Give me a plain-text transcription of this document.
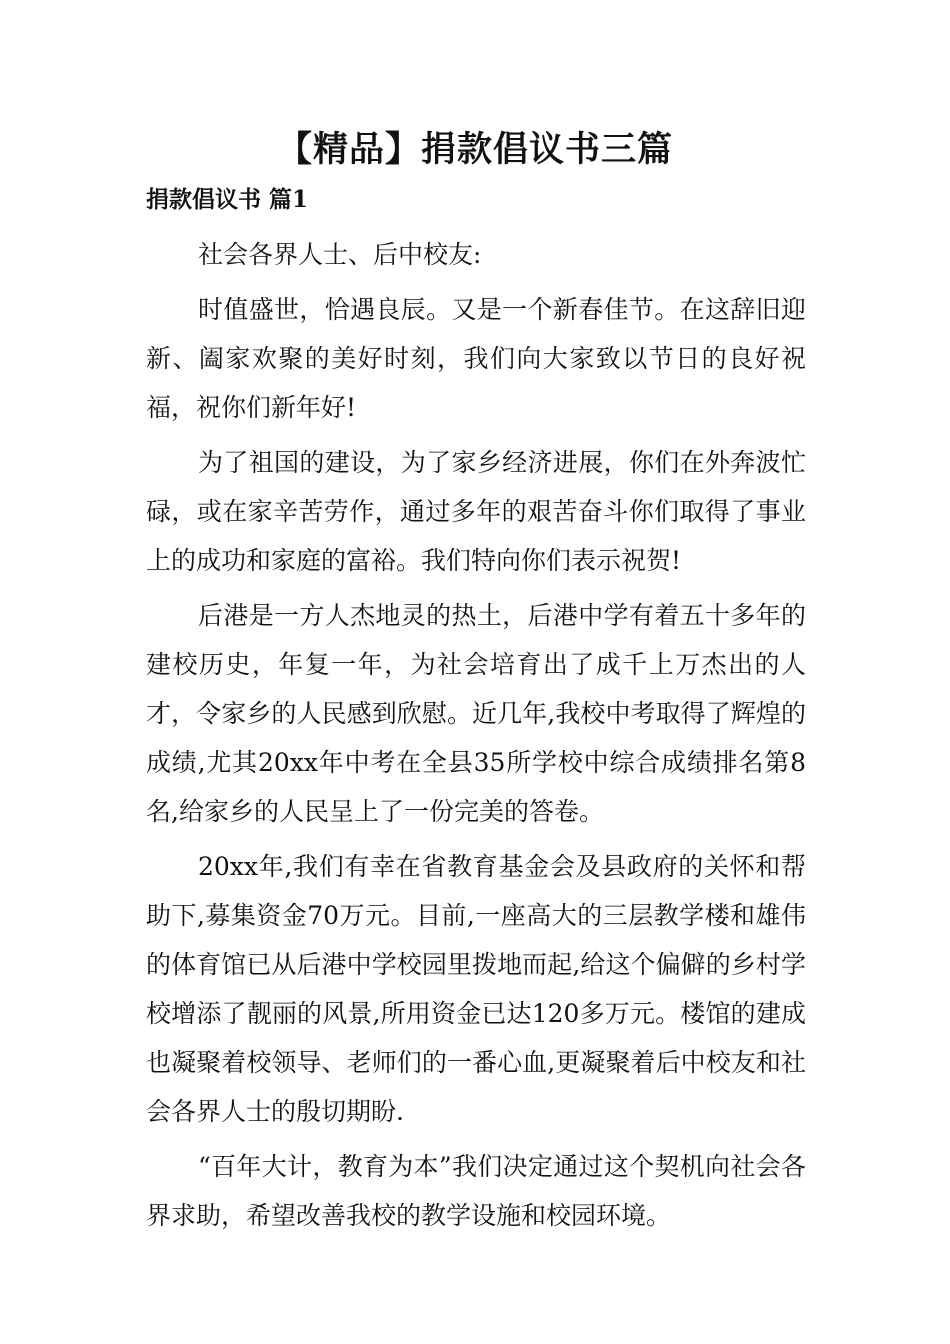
【精品】捐款倡议书三篇
捐款倡议书 篇1

社会各界人士、后中校友:

时值盛世，恰遇良辰。又是一个新春佳节。在这辞旧迎新、阖家欢聚的美好时刻，我们向大家致以节日的良好祝福，祝你们新年好!

为了祖国的建设，为了家乡经济进展，你们在外奔波忙碌，或在家辛苦劳作，通过多年的艰苦奋斗你们取得了事业上的成功和家庭的富裕。我们特向你们表示祝贺!

后港是一方人杰地灵的热土，后港中学有着五十多年的建校历史，年复一年，为社会培育出了成千上万杰出的人才，令家乡的人民感到欣慰。近几年,我校中考取得了辉煌的成绩,尤其20xx年中考在全县35所学校中综合成绩排名第8名,给家乡的人民呈上了一份完美的答卷。

20xx年,我们有幸在省教育基金会及县政府的关怀和帮助下,募集资金70万元。目前,一座高大的三层教学楼和雄伟的体育馆已从后港中学校园里拨地而起,给这个偏僻的乡村学校增添了靓丽的风景,所用资金已达120多万元。楼馆的建成也凝聚着校领导、老师们的一番心血,更凝聚着后中校友和社会各界人士的殷切期盼.

“百年大计，教育为本”我们决定通过这个契机向社会各界求助，希望改善我校的教学设施和校园环境。
